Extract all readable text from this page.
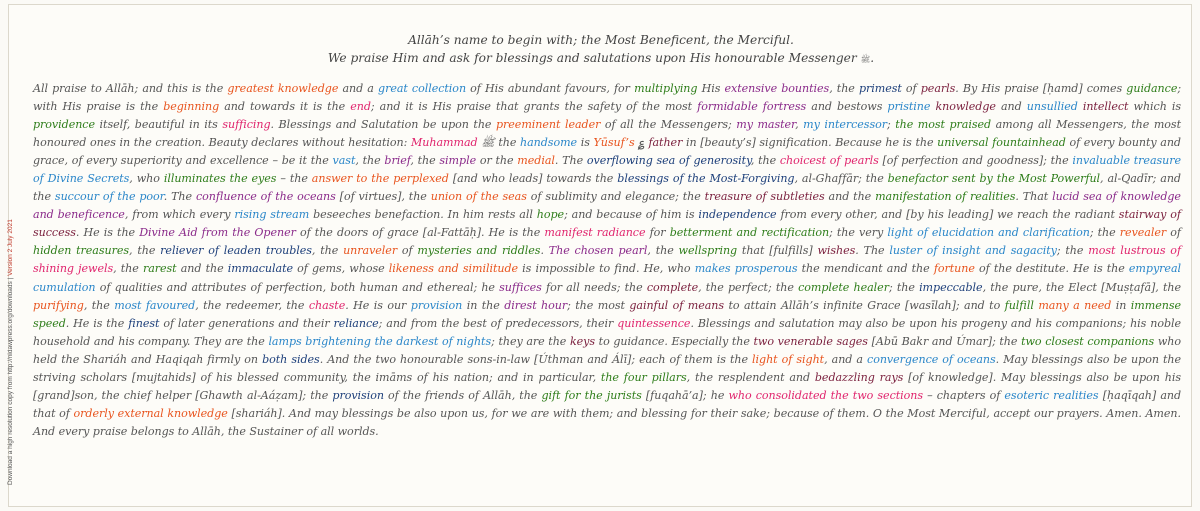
Download a high resolution copy from http://nidawpress.org/downloads | Version 2 July 2021
Allāh’s name to begin with; the Most Beneficent, the Merciful.
We praise Him and ask for blessings and salutations upon His honourable Messenger ﷺ.
All praise to Allāh; and this is the greatest knowledge and a great collection of His abundant favours, for multiplying His extensive bounties, the primest of pearls. By His praise [ḥamd] comes guidance; with His praise is the beginning and towards it is the end; and it is His praise that grants the safety of the most formidable fortress and bestows pristine knowledge and unsullied intellect which is providence itself, beautiful in its sufficing. Blessings and Salutation be upon the preeminent leader of all the Messengers; my master, my intercessor; the most praised among all Messengers, the most honoured ones in the creation. Beauty declares without hesitation: Muhammad ﷺ the handsome is Yūsuf’s ؏ father in [beauty’s] signification. Because he is the universal fountainhead of every bounty and grace, of every superiority and excellence – be it the vast, the brief, the simple or the medial. The overflowing sea of generosity, the choicest of pearls [of perfection and goodness]; the invaluable treasure of Divine Secrets, who illuminates the eyes – the answer to the perplexed [and who leads] towards the blessings of the Most-Forgiving, al-Ghaffār; the benefactor sent by the Most Powerful, al-Qadīr; and the succour of the poor. The confluence of the oceans [of virtues], the union of the seas of sublimity and elegance; the treasure of subtleties and the manifestation of realities. That lucid sea of knowledge and beneficence, from which every rising stream beseeches benefaction. In him rests all hope; and because of him is independence from every other, and [by his leading] we reach the radiant stairway of success. He is the Divine Aid from the Opener of the doors of grace [al-Fattāḥ]. He is the manifest radiance for betterment and rectification; the very light of elucidation and clarification; the revealer of hidden treasures, the reliever of leaden troubles, the unraveler of mysteries and riddles. The chosen pearl, the wellspring that [fulfills] wishes. The luster of insight and sagacity; the most lustrous of shining jewels, the rarest and the immaculate of gems, whose likeness and similitude is impossible to find. He, who makes prosperous the mendicant and the fortune of the destitute. He is the empyreal cumulation of qualities and attributes of perfection, both human and ethereal; he suffices for all needs; the complete, the perfect; the complete healer; the impeccable, the pure, the Elect [Muṣṭafā], the purifying, the most favoured, the redeemer, the chaste. He is our provision in the direst hour; the most gainful of means to attain Allāh’s infinite Grace [wasīlah]; and to fulfill many a need in immense speed. He is the finest of later generations and their reliance; and from the best of predecessors, their quintessence. Blessings and salutation may also be upon his progeny and his companions; his noble household and his company. They are the lamps brightening the darkest of nights; they are the keys to guidance. Especially the two venerable sages [Abū Bakr and Úmar]; the two closest companions who held the Shariáh and Haqiqah firmly on both sides. And the two honourable sons-in-law [Úthman and Álī]; each of them is the light of sight, and a convergence of oceans. May blessings also be upon the striving scholars [mujtahids] of his blessed community, the imāms of his nation; and in particular, the four pillars, the resplendent and bedazzling rays [of knowledge]. May blessings also be upon his [grand]son, the chief helper [Ghawth al-Aáẓam]; the provision of the friends of Allāh, the gift for the jurists [fuqahā’a]; he who consolidated the two sections – chapters of esoteric realities [ḥaqīqah] and that of orderly external knowledge [shariáh]. And may blessings be also upon us, for we are with them; and blessing for their sake; because of them. O the Most Merciful, accept our prayers. Amen. Amen. And every praise belongs to Allāh, the Sustainer of all worlds.
